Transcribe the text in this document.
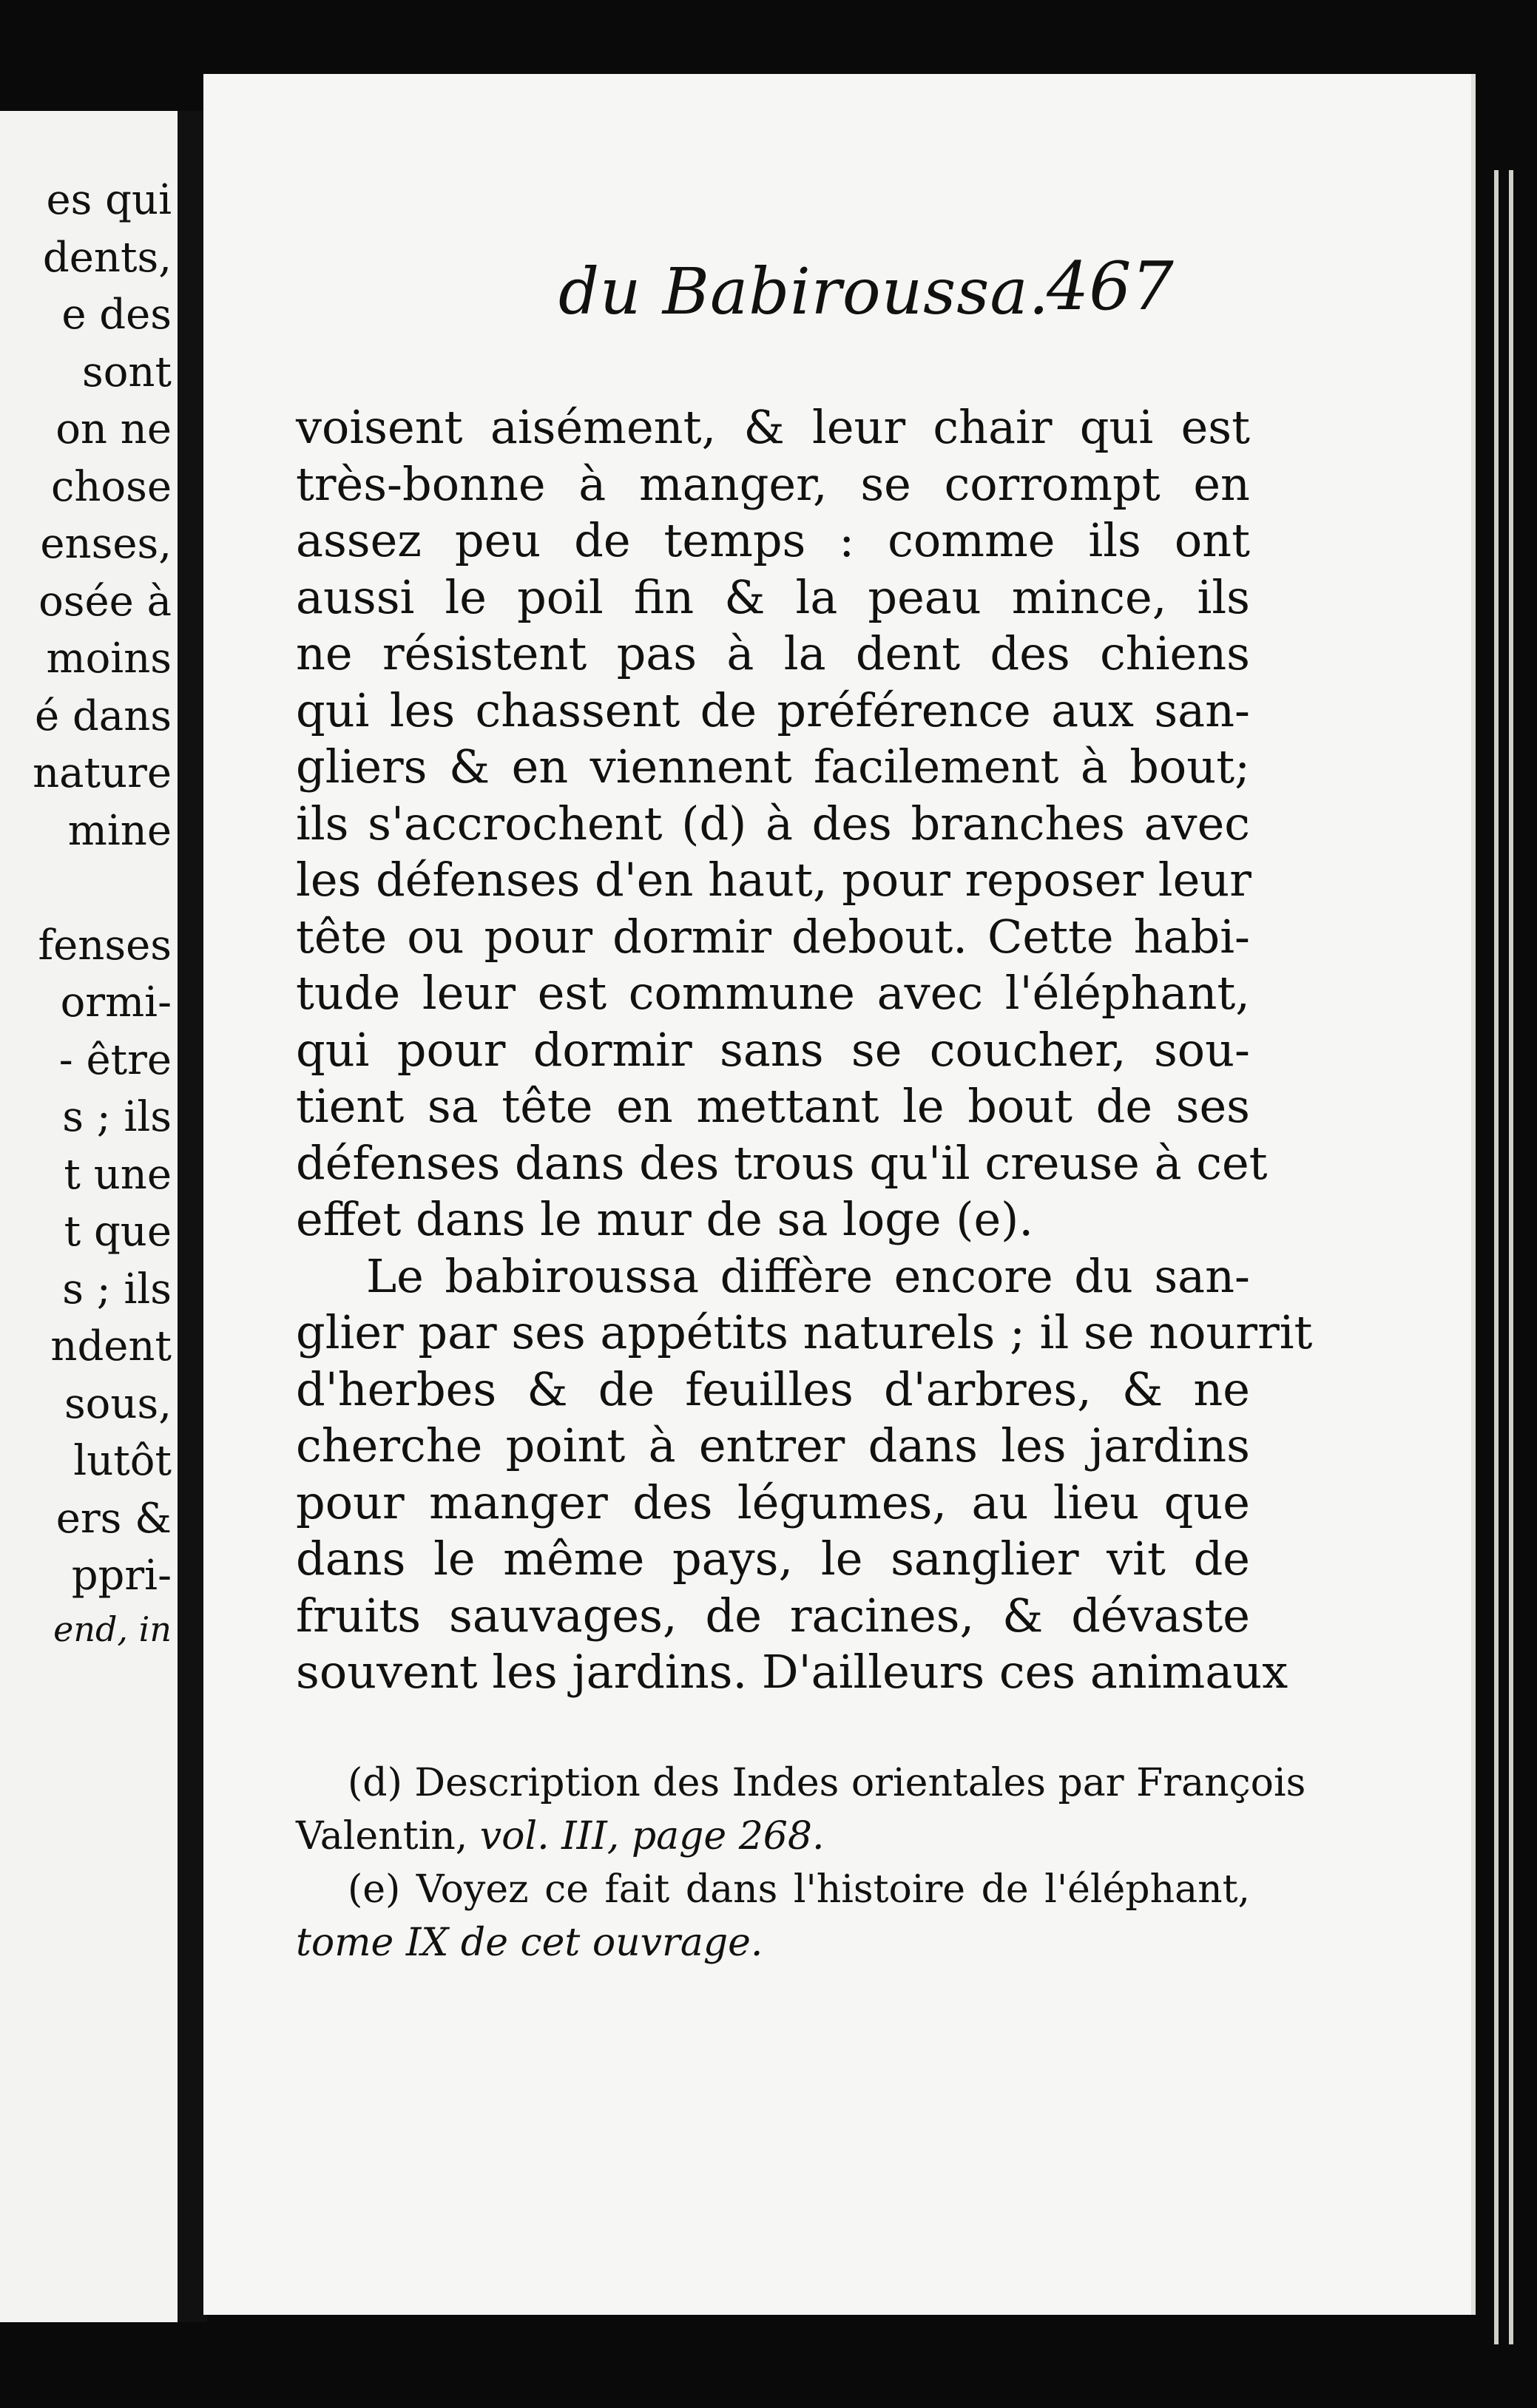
es qui
dents,
e des
sont
on ne
chose
enses,
osée à
moins
é dans
nature
mine
fenses
ormi-
- être
s ; ils
t une
t que
s ; ils
ndent
sous,
lutôt
ers &
ppri-
end, in
du Babiroussa.
467
voisent aisément, & leur chair qui est
très-bonne à manger, se corrompt en
assez peu de temps : comme ils ont
aussi le poil fin & la peau mince, ils
ne résistent pas à la dent des chiens
qui les chassent de préférence aux san-
gliers & en viennent facilement à bout;
ils s'accrochent (d) à des branches avec
les défenses d'en haut, pour reposer leur
tête ou pour dormir debout. Cette habi-
tude leur est commune avec l'éléphant,
qui pour dormir sans se coucher, sou-
tient sa tête en mettant le bout de ses
défenses dans des trous qu'il creuse à cet
effet dans le mur de sa loge (e).
Le babiroussa diffère encore du san-
glier par ses appétits naturels ; il se nourrit
d'herbes & de feuilles d'arbres, & ne
cherche point à entrer dans les jardins
pour manger des légumes, au lieu que
dans le même pays, le sanglier vit de
fruits sauvages, de racines, & dévaste
souvent les jardins. D'ailleurs ces animaux
(d) Description des Indes orientales par François
Valentin, vol. III, page 268.
(e) Voyez ce fait dans l'histoire de l'éléphant,
tome IX de cet ouvrage.
